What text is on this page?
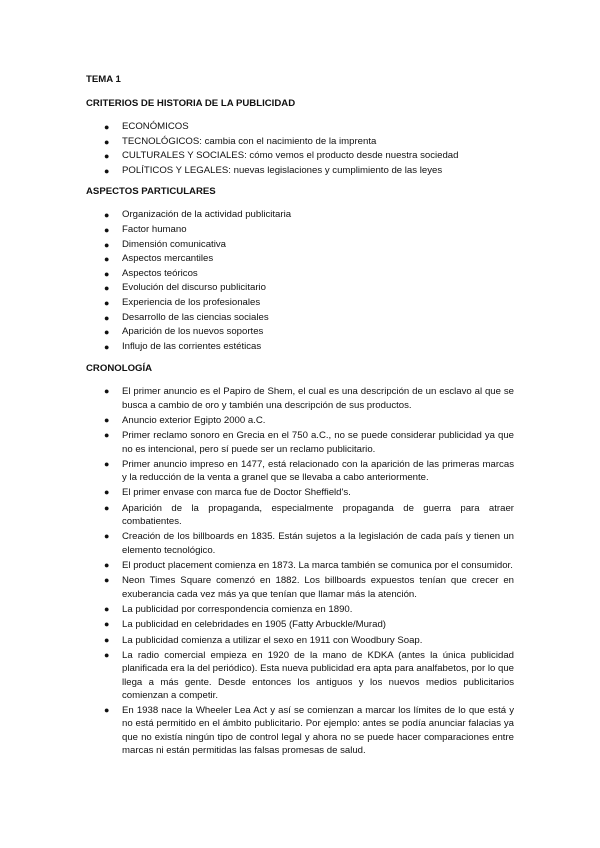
TEMA 1
CRITERIOS DE HISTORIA DE LA PUBLICIDAD
● ECONÓMICOS
● TECNOLÓGICOS: cambia con el nacimiento de la imprenta
● CULTURALES Y SOCIALES: cómo vemos el producto desde nuestra sociedad
● POLÍTICOS Y LEGALES: nuevas legislaciones y cumplimiento de las leyes
ASPECTOS PARTICULARES
● Organización de la actividad publicitaria
● Factor humano
● Dimensión comunicativa
● Aspectos mercantiles
● Aspectos teóricos
● Evolución del discurso publicitario
● Experiencia de los profesionales
● Desarrollo de las ciencias sociales
● Aparición de los nuevos soportes
● Influjo de las corrientes estéticas
CRONOLOGÍA
● El primer anuncio es el Papiro de Shem, el cual es una descripción de un esclavo al que se busca a cambio de oro y también una descripción de sus productos.
● Anuncio exterior Egipto 2000 a.C.
● Primer reclamo sonoro en Grecia en el 750 a.C., no se puede considerar publicidad ya que no es intencional, pero sí puede ser un reclamo publicitario.
● Primer anuncio impreso en 1477, está relacionado con la aparición de las primeras marcas y la reducción de la venta a granel que se llevaba a cabo anteriormente.
● El primer envase con marca fue de Doctor Sheffield's.
● Aparición de la propaganda, especialmente propaganda de guerra para atraer combatientes.
● Creación de los billboards en 1835. Están sujetos a la legislación de cada país y tienen un elemento tecnológico.
● El product placement comienza en 1873. La marca también se comunica por el consumidor.
● Neon Times Square comenzó en 1882. Los billboards expuestos tenían que crecer en exuberancia cada vez más ya que tenían que llamar más la atención.
● La publicidad por correspondencia comienza en 1890.
● La publicidad en celebridades en 1905 (Fatty Arbuckle/Murad)
● La publicidad comienza a utilizar el sexo en 1911 con Woodbury Soap.
● La radio comercial empieza en 1920 de la mano de KDKA (antes la única publicidad planificada era la del periódico). Esta nueva publicidad era apta para analfabetos, por lo que llega a más gente. Desde entonces los antiguos y los nuevos medios publicitarios comienzan a competir.
● En 1938 nace la Wheeler Lea Act y así se comienzan a marcar los límites de lo que está y no está permitido en el ámbito publicitario. Por ejemplo: antes se podía anunciar falacias ya que no existía ningún tipo de control legal y ahora no se puede hacer comparaciones entre marcas ni están permitidas las falsas promesas de salud.
